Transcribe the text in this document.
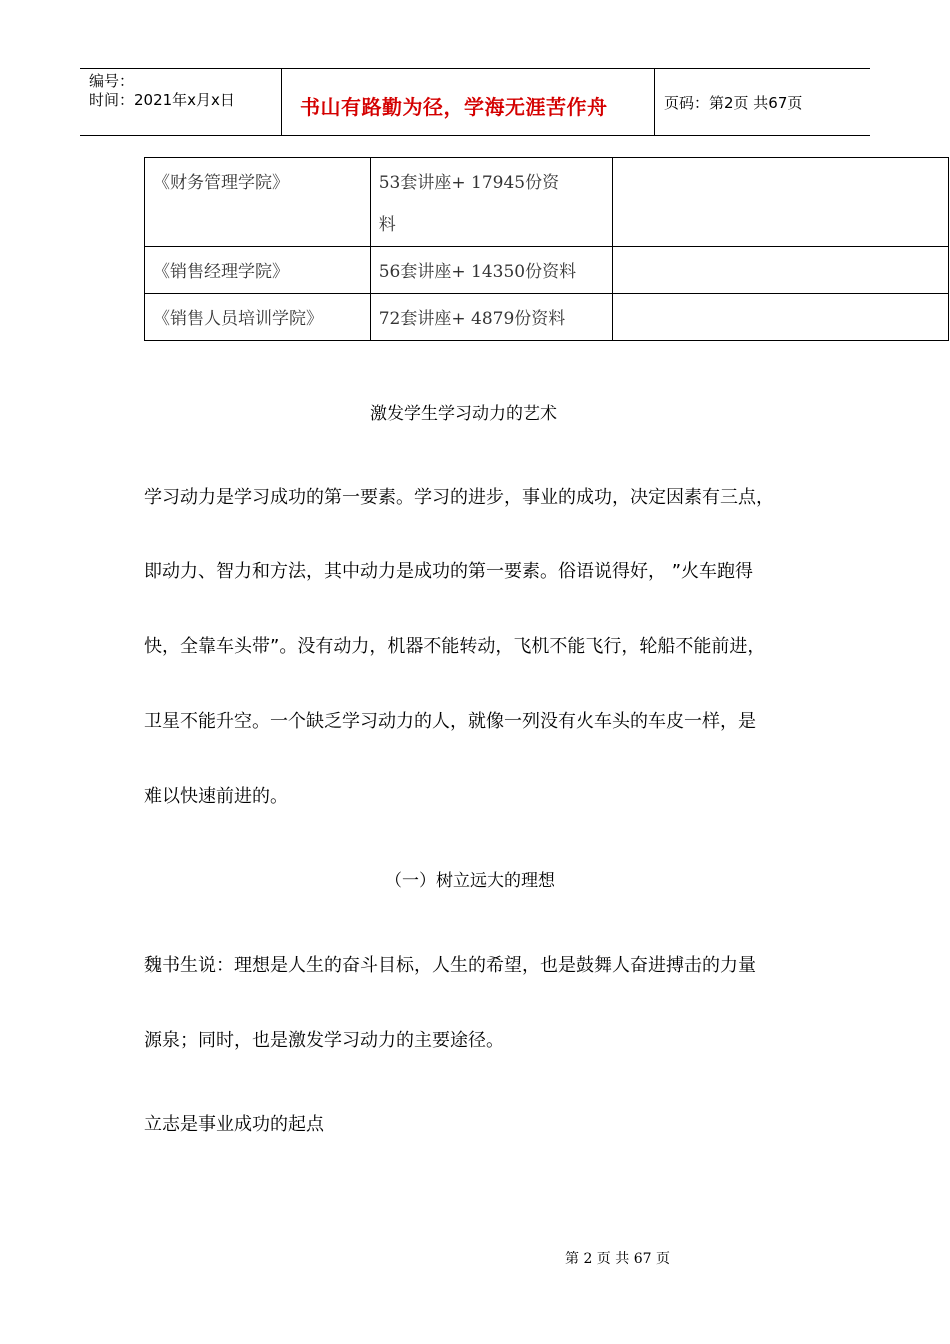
编号：
时间：2021年x月x日	书山有路勤为径，学海无涯苦作舟	页码：第2页 共67页
《财务管理学院》	53套讲座+ 17945份资
料	

《销售经理学院》	56套讲座+ 14350份资料	
《销售人员培训学院》	72套讲座+ 4879份资料	
激发学生学习动力的艺术
学习动力是学习成功的第一要素。学习的进步，事业的成功，决定因素有三点，
即动力、智力和方法，其中动力是成功的第一要素。俗语说得好， ”火车跑得
快，全靠车头带”。没有动力，机器不能转动，飞机不能飞行，轮船不能前进，
卫星不能升空。一个缺乏学习动力的人，就像一列没有火车头的车皮一样，是
难以快速前进的。
（一）树立远大的理想
魏书生说：理想是人生的奋斗目标，人生的希望，也是鼓舞人奋进搏击的力量
源泉；同时，也是激发学习动力的主要途径。
立志是事业成功的起点
第 2 页 共 67 页
